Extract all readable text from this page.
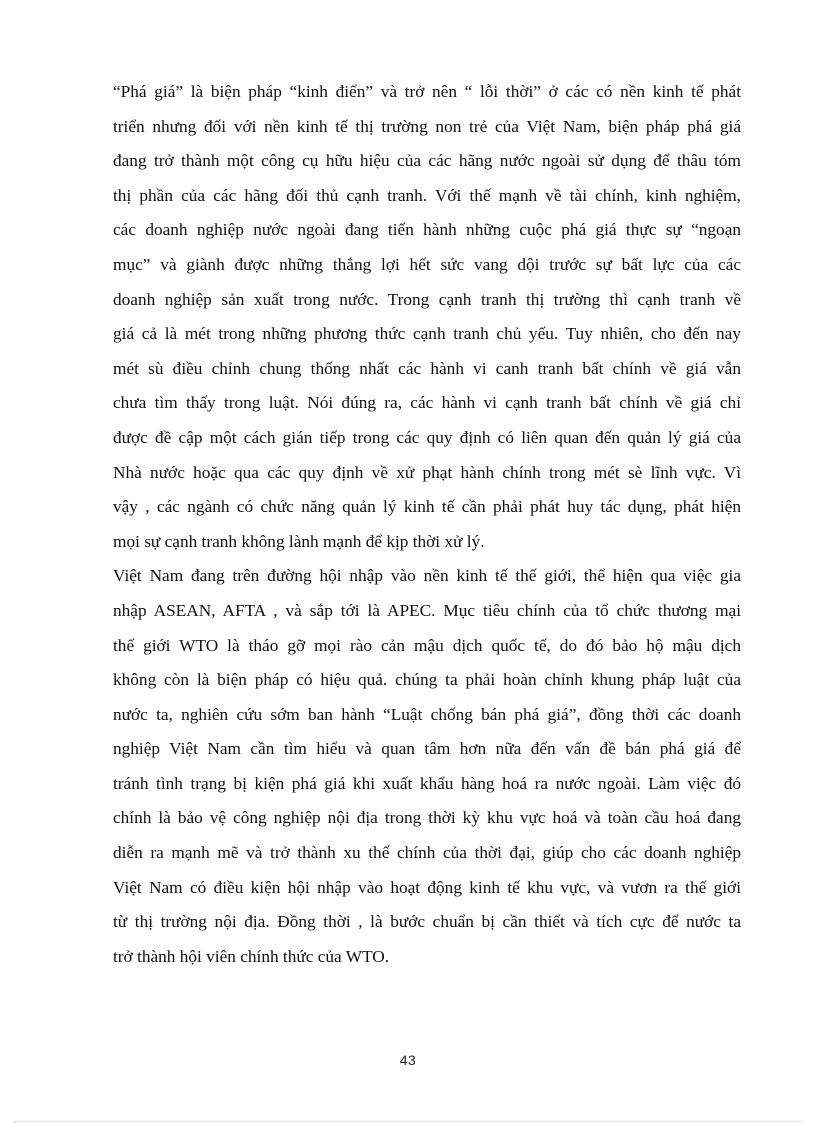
“Phá giá” là biện pháp “kinh điển” và trở nên “ lỗi thời” ở các có nền kinh tế phát
triển nhưng đối với nền kinh tế thị trường non trẻ của Việt Nam, biện pháp phá giá
đang trở thành một công cụ hữu hiệu của các hãng nước ngoài sử dụng để thâu tóm
thị phần của các hãng đối thủ cạnh tranh. Với thế mạnh về tài chính, kinh nghiệm,
các doanh nghiệp nước ngoài đang tiến hành những cuộc phá giá thực sự “ngoạn
mục” và giành được những thắng lợi hết sức vang dội trước sự bất lực của các
doanh nghiệp sản xuất trong nước. Trong cạnh tranh thị trường thì cạnh tranh về
giá cả là mét trong những phương thức cạnh tranh chủ yếu. Tuy nhiên, cho đến nay
mét sù điều chỉnh chung thống nhất các hành vi canh tranh bất chính về giá vẫn
chưa tìm thấy trong luật. Nói đúng ra, các hành vi cạnh tranh bất chính về giá chỉ
được đề cập một cách gián tiếp trong các quy định có liên quan đến quản lý giá của
Nhà nước hoặc qua các quy định về xử phạt hành chính trong mét sè lĩnh vực. Vì
vậy , các ngành có chức năng quản lý kinh tế cần phải phát huy tác dụng, phát hiện
mọi sự cạnh tranh không lành mạnh để kịp thời xử lý.
Việt Nam đang trên đường hội nhập vào nền kinh tế thế giới, thể hiện qua việc gia
nhập ASEAN, AFTA , và sắp tới là APEC. Mục tiêu chính của tổ chức thương mại
thế giới WTO là tháo gỡ mọi rào cản mậu dịch quốc tế, do đó bảo hộ mậu dịch
không còn là biện pháp có hiệu quả. chúng ta phải hoàn chỉnh khung pháp luật của
nước ta, nghiên cứu sớm ban hành “Luật chống bán phá giá”, đồng thời các doanh
nghiệp Việt Nam cần tìm hiểu và quan tâm hơn nữa đến vấn đề bán phá giá để
tránh tình trạng bị kiện phá giá khi xuất khẩu hàng hoá ra nước ngoài. Làm việc đó
chính là bảo vệ công nghiệp nội địa trong thời kỳ khu vực hoá và toàn cầu hoá đang
diễn ra mạnh mẽ và trở thành xu thế chính của thời đại, giúp cho các doanh nghiệp
Việt Nam có điều kiện hội nhập vào hoạt động kinh tế khu vực, và vươn ra thế giới
từ thị trường nội địa. Đồng thời , là bước chuẩn bị cần thiết và tích cực để nước ta
trở thành hội viên chính thức của WTO.
43
